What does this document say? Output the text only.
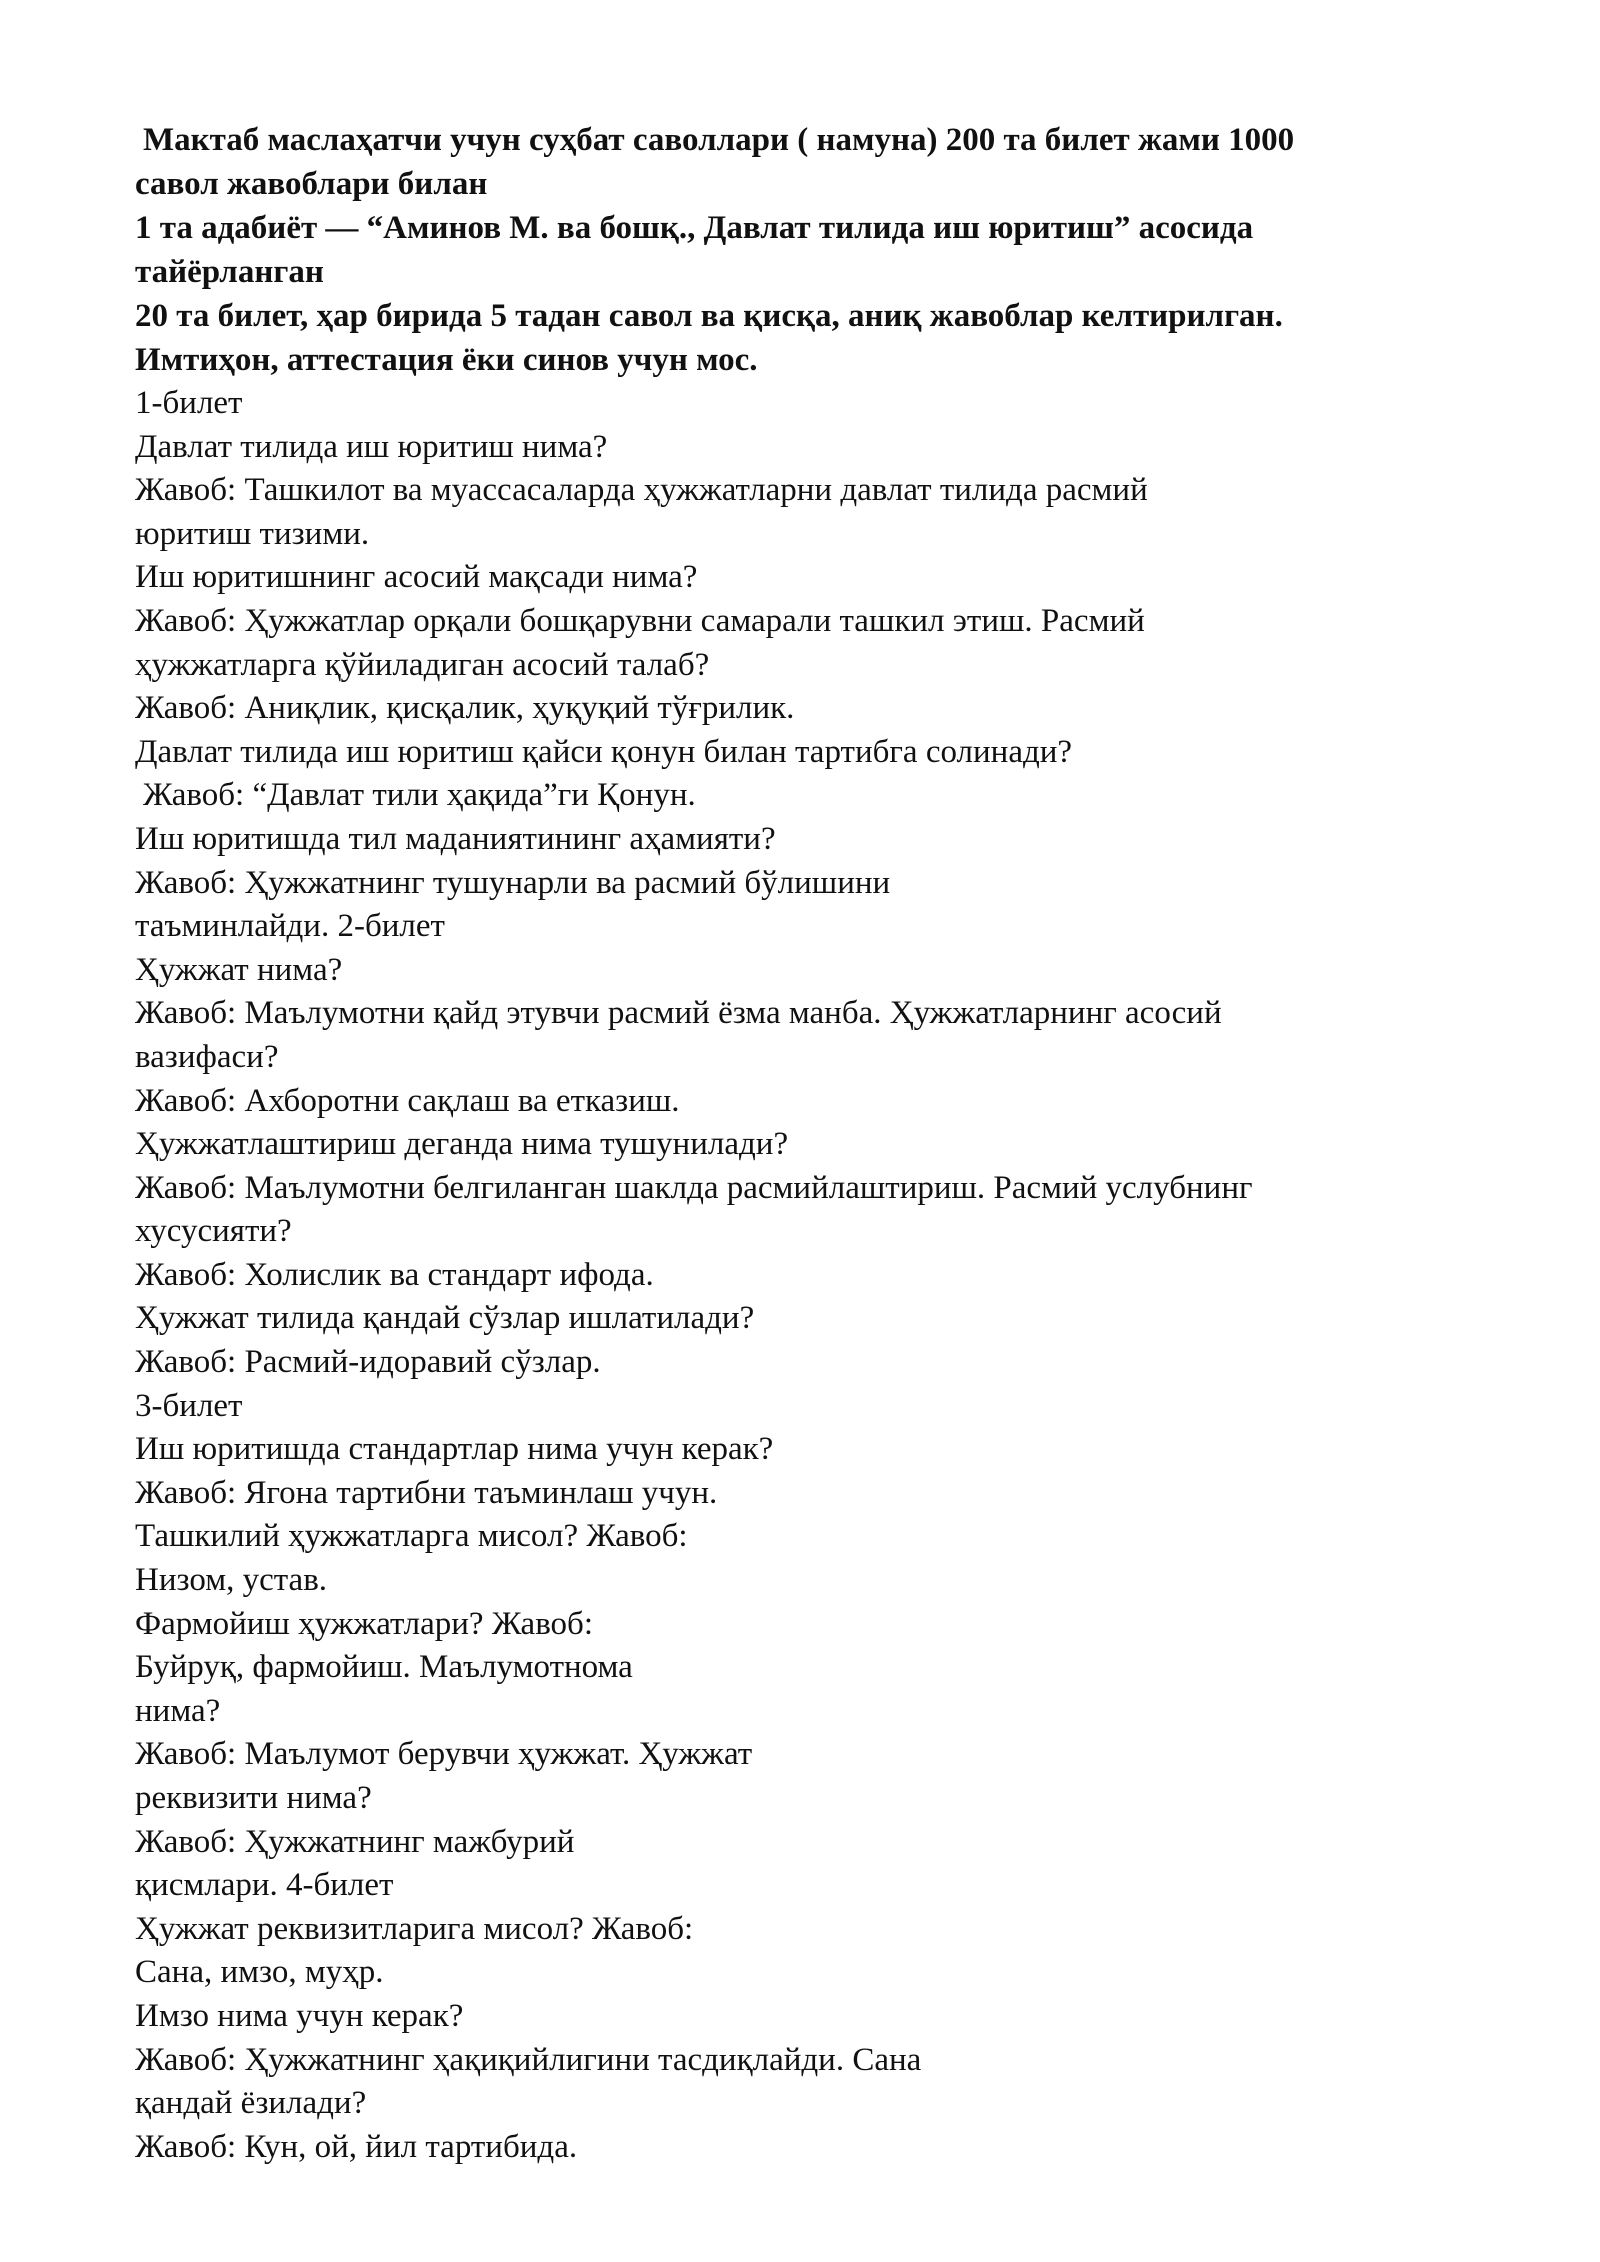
Мактаб маслаҳатчи учун суҳбат саволлари ( намуна) 200 та билет жами 1000

савол жавоблари билан

1 та адабиёт — “Аминов М. ва бошқ., Давлат тилида иш юритиш” асосида

тайёрланган

20 та билет, ҳар бирида 5 тадан савол ва қисқа, аниқ жавоблар келтирилган.

Имтиҳон, аттестация ёки синов учун мос.

1-билет

Давлат тилида иш юритиш нима?

Жавоб: Ташкилот ва муассасаларда ҳужжатларни давлат тилида расмий

юритиш тизими.

Иш юритишнинг асосий мақсади нима?

Жавоб: Ҳужжатлар орқали бошқарувни самарали ташкил этиш. Расмий

ҳужжатларга қўйиладиган асосий талаб?

Жавоб: Аниқлик, қисқалик, ҳуқуқий тўғрилик.

Давлат тилида иш юритиш қайси қонун билан тартибга солинади?

Жавоб: “Давлат тили ҳақида”ги Қонун.

Иш юритишда тил маданиятининг аҳамияти?

Жавоб: Ҳужжатнинг тушунарли ва расмий бўлишини

таъминлайди. 2-билет

Ҳужжат нима?

Жавоб: Маълумотни қайд этувчи расмий ёзма манба. Ҳужжатларнинг асосий

вазифаси?

Жавоб: Ахборотни сақлаш ва етказиш.

Ҳужжатлаштириш деганда нима тушунилади?

Жавоб: Маълумотни белгиланган шаклда расмийлаштириш. Расмий услубнинг

хусусияти?

Жавоб: Холислик ва стандарт ифода.

Ҳужжат тилида қандай сўзлар ишлатилади?

Жавоб: Расмий-идоравий сўзлар.

3-билет

Иш юритишда стандартлар нима учун керак?

Жавоб: Ягона тартибни таъминлаш учун.

Ташкилий ҳужжатларга мисол? Жавоб:

Низом, устав.

Фармойиш ҳужжатлари? Жавоб:

Буйруқ, фармойиш. Маълумотнома

нима?

Жавоб: Маълумот берувчи ҳужжат. Ҳужжат

реквизити нима?

Жавоб: Ҳужжатнинг мажбурий

қисмлари. 4-билет

Ҳужжат реквизитларига мисол? Жавоб:

Сана, имзо, муҳр.

Имзо нима учун керак?

Жавоб: Ҳужжатнинг ҳақиқийлигини тасдиқлайди. Сана

қандай ёзилади?

Жавоб: Кун, ой, йил тартибида.
